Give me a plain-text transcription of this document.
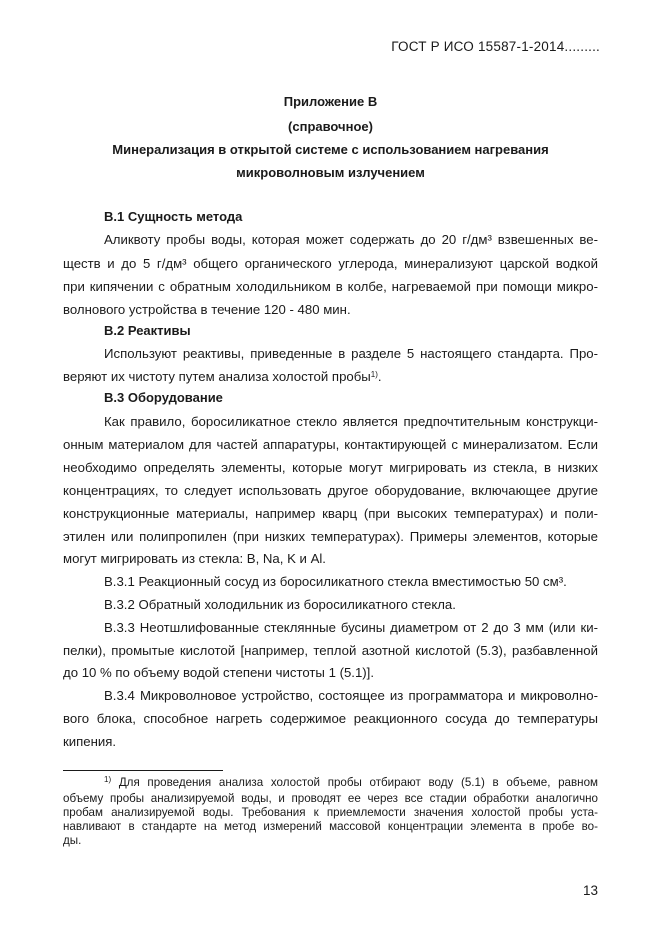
ГОСТ Р ИСО 15587-1-2014.........
Приложение В
(справочное)
Минерализация в открытой системе с использованием нагревания
микроволновым излучением
В.1 Сущность метода
Аликвоту пробы воды, которая может содержать до 20 г/дм³ взвешенных ве-
ществ и до 5 г/дм³ общего органического углерода, минерализуют царской водкой
при кипячении с обратным холодильником в колбе, нагреваемой при помощи микро-
волнового устройства в течение 120 - 480 мин.
В.2 Реактивы
Используют реактивы, приведенные в разделе 5 настоящего стандарта. Про-
веряют их чистоту путем анализа холостой пробы$^{1)}$.
В.3 Оборудование
Как правило, боросиликатное стекло является предпочтительным конструкци-
онным материалом для частей аппаратуры, контактирующей с минерализатом. Если
необходимо определять элементы, которые могут мигрировать из стекла, в низких
концентрациях, то следует использовать другое оборудование, включающее другие
конструкционные материалы, например кварц (при высоких температурах) и поли-
этилен или полипропилен (при низких температурах). Примеры элементов, которые
могут мигрировать из стекла: B, Na, K и Al.
В.3.1 Реакционный сосуд из боросиликатного стекла вместимостью 50 см³.
В.3.2 Обратный холодильник из боросиликатного стекла.
В.3.3 Неотшлифованные стеклянные бусины диаметром от 2 до 3 мм (или ки-
пелки), промытые кислотой [например, теплой азотной кислотой (5.3), разбавленной
до 10 % по объему водой степени чистоты 1 (5.1)].
В.3.4 Микроволновое устройство, состоящее из программатора и микроволно-
вого блока, способное нагреть содержимое реакционного сосуда до температуры
кипения.
$^{1)}$ Для проведения анализа холостой пробы отбирают воду (5.1) в объеме, равном
объему пробы анализируемой воды, и проводят ее через все стадии обработки аналогично
пробам анализируемой воды. Требования к приемлемости значения холостой пробы уста-
навливают в стандарте на метод измерений массовой концентрации элемента в пробе во-
ды.
13
